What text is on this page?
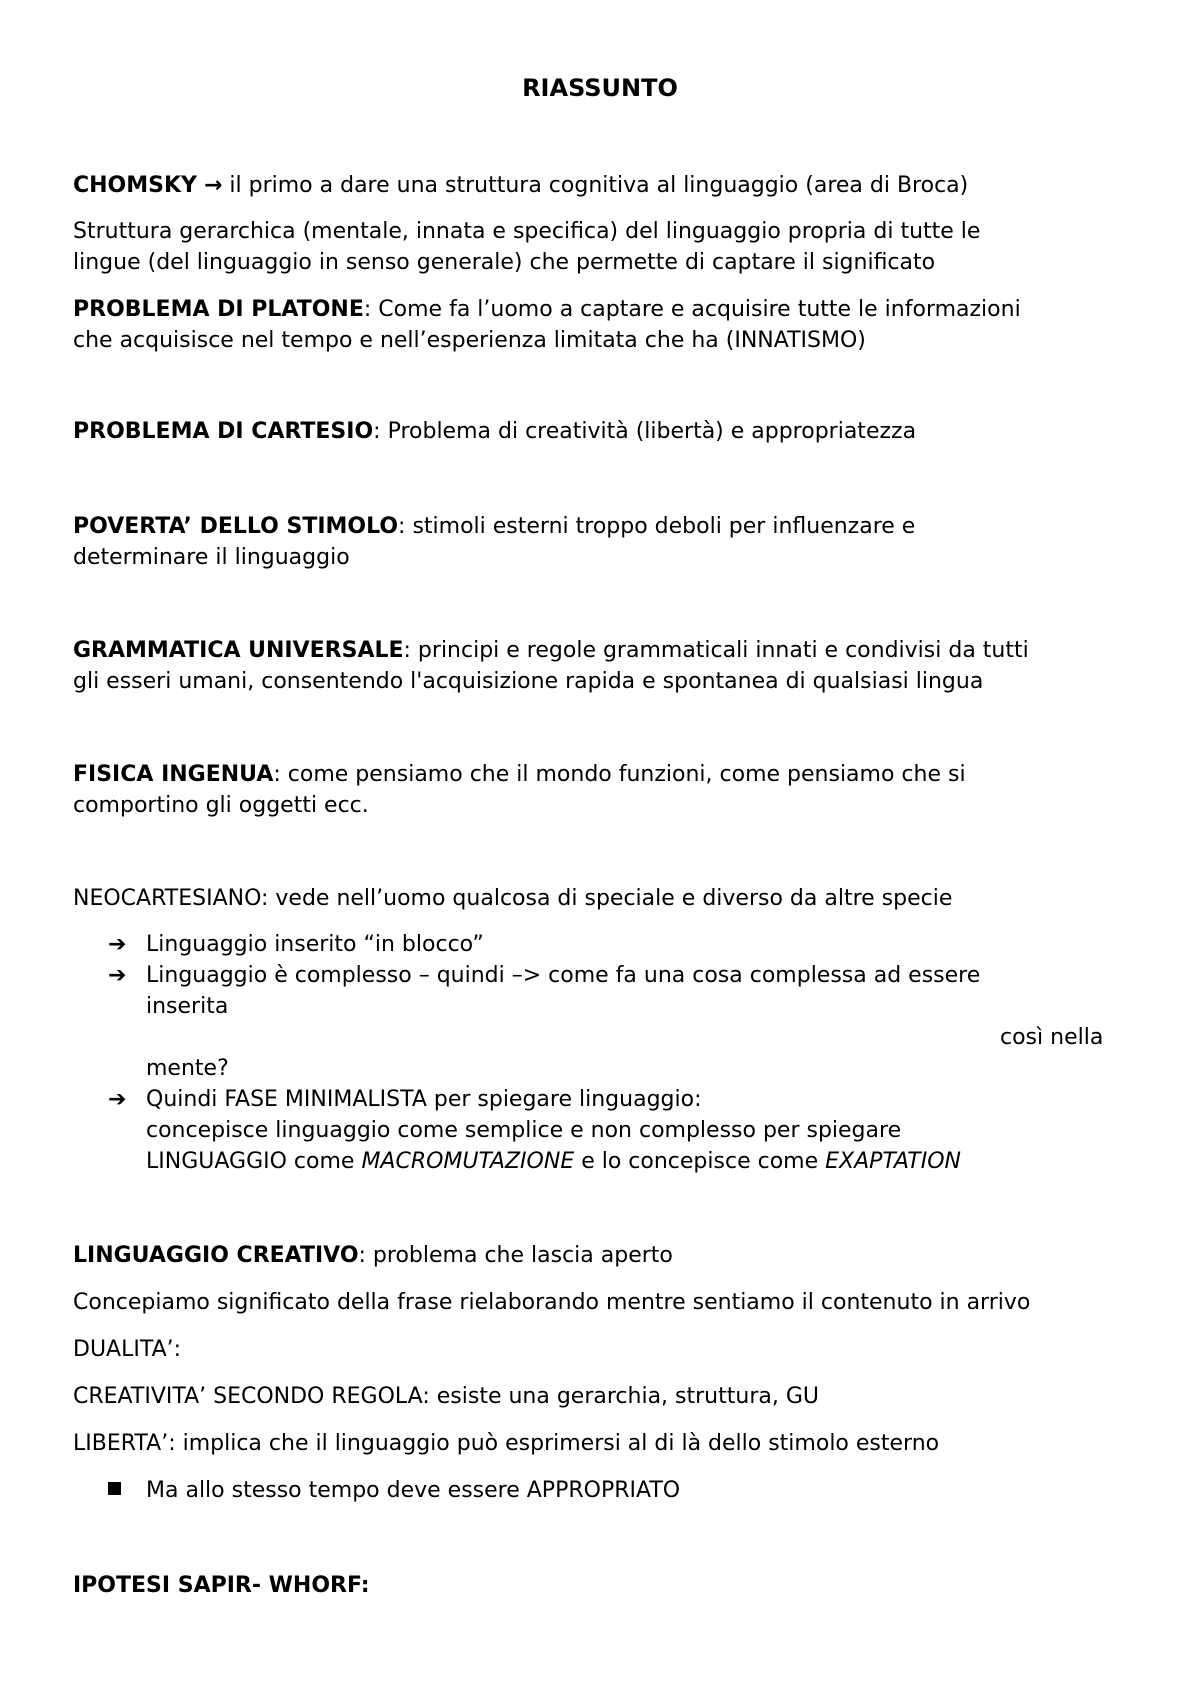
RIASSUNTO
CHOMSKY → il primo a dare una struttura cognitiva al linguaggio (area di Broca)
Struttura gerarchica (mentale, innata e specifica) del linguaggio propria di tutte le
lingue (del linguaggio in senso generale) che permette di captare il significato
PROBLEMA DI PLATONE: Come fa l’uomo a captare e acquisire tutte le informazioni
che acquisisce nel tempo e nell’esperienza limitata che ha (INNATISMO)
PROBLEMA DI CARTESIO: Problema di creatività (libertà) e appropriatezza
POVERTA’ DELLO STIMOLO: stimoli esterni troppo deboli per influenzare e
determinare il linguaggio
GRAMMATICA UNIVERSALE: principi e regole grammaticali innati e condivisi da tutti
gli esseri umani, consentendo l'acquisizione rapida e spontanea di qualsiasi lingua
FISICA INGENUA: come pensiamo che il mondo funzioni, come pensiamo che si
comportino gli oggetti ecc.
NEOCARTESIANO: vede nell’uomo qualcosa di speciale e diverso da altre specie
➔ Linguaggio inserito “in blocco”
➔ Linguaggio è complesso – quindi –> come fa una cosa complessa ad essere
inserita
così nella
mente?
➔ Quindi FASE MINIMALISTA per spiegare linguaggio:
concepisce linguaggio come semplice e non complesso per spiegare
LINGUAGGIO come MACROMUTAZIONE e lo concepisce come EXAPTATION
LINGUAGGIO CREATIVO: problema che lascia aperto
Concepiamo significato della frase rielaborando mentre sentiamo il contenuto in arrivo
DUALITA’:
CREATIVITA’ SECONDO REGOLA: esiste una gerarchia, struttura, GU
LIBERTA’: implica che il linguaggio può esprimersi al di là dello stimolo esterno
Ma allo stesso tempo deve essere APPROPRIATO
IPOTESI SAPIR- WHORF:
